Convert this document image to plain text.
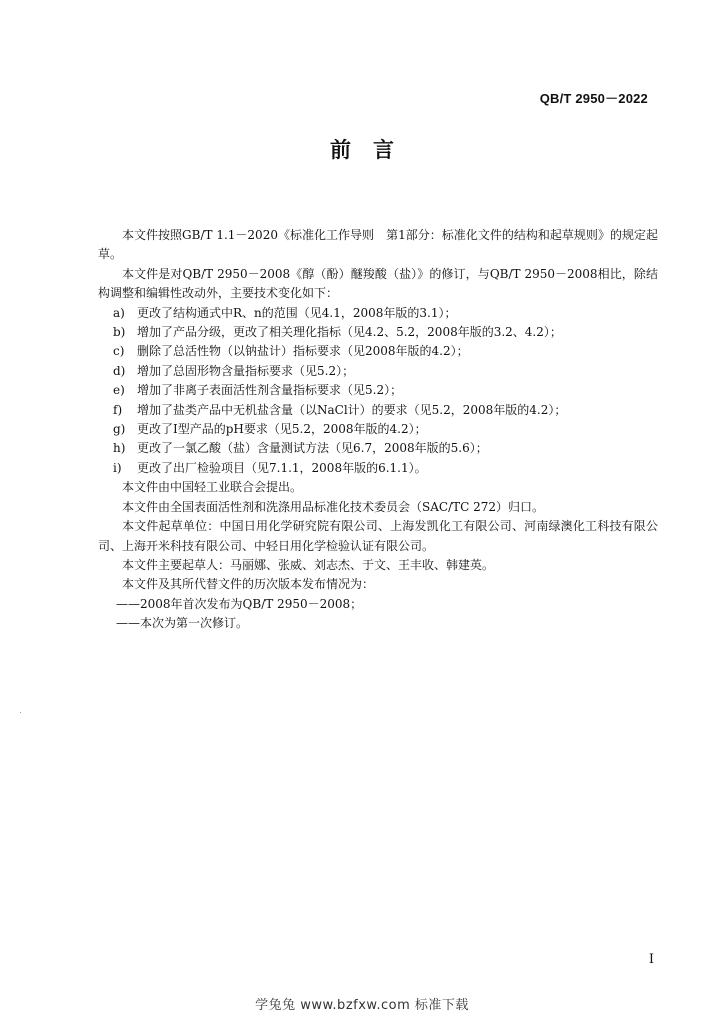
QB/T 2950－2022
前言

本文件按照GB/T 1.1－2020《标准化工作导则　第1部分：标准化文件的结构和起草规则》的规定起草。

本文件是对QB/T 2950－2008《醇（酚）醚羧酸（盐）》的修订，与QB/T 2950－2008相比，除结构调整和编辑性改动外，主要技术变化如下：

a)	更改了结构通式中R、n的范围（见4.1，2008年版的3.1）；
b) 增加了产品分级，更改了相关理化指标（见4.2、5.2，2008年版的3.2、4.2）；
c)	删除了总活性物（以钠盐计）指标要求（见2008年版的4.2）；
d) 增加了总固形物含量指标要求（见5.2）；
e)	增加了非离子表面活性剂含量指标要求（见5.2）；
f)	增加了盐类产品中无机盐含量（以NaCl计）的要求（见5.2，2008年版的4.2）；
g) 更改了Ⅰ型产品的pH要求（见5.2，2008年版的4.2）；
h) 更改了一氯乙酸（盐）含量测试方法（见6.7，2008年版的5.6）；
i)	更改了出厂检验项目（见7.1.1，2008年版的6.1.1）。

本文件由中国轻工业联合会提出。

本文件由全国表面活性剂和洗涤用品标准化技术委员会（SAC/TC 272）归口。

本文件起草单位：中国日用化学研究院有限公司、上海发凯化工有限公司、河南绿澳化工科技有限公司、上海开米科技有限公司、中轻日用化学检验认证有限公司。

本文件主要起草人：马丽娜、张威、刘志杰、于文、王丰收、韩建英。

本文件及其所代替文件的历次版本发布情况为：

——2008年首次发布为QB/T 2950－2008；

——本次为第一次修订。

Ⅰ
学兔兔 www.bzfxw.com 标准下载
